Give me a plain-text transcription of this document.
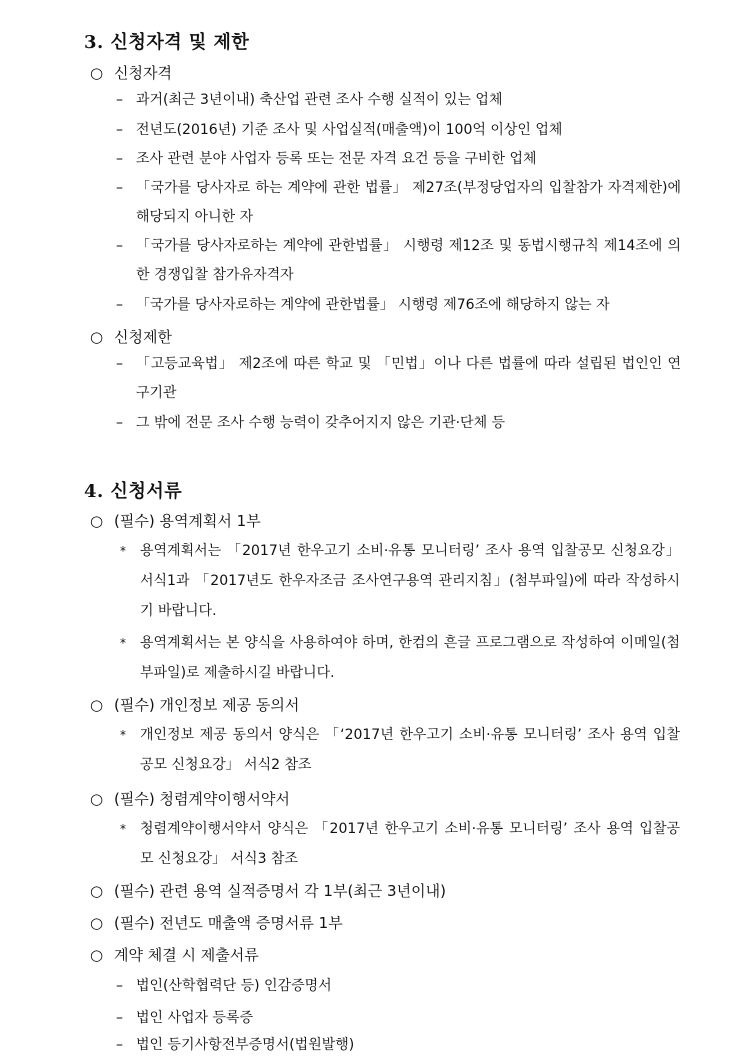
3. 신청자격 및 제한
○ 신청자격
– 과거(최근 3년이내) 축산업 관련 조사 수행 실적이 있는 업체
– 전년도(2016년) 기준 조사 및 사업실적(매출액)이 100억 이상인 업체
– 조사 관련 분야 사업자 등록 또는 전문 자격 요건 등을 구비한 업체
– 「국가를 당사자로 하는 계약에 관한 법률」 제27조(부정당업자의 입찰참가 자격제한)에 해당되지 아니한 자
– 「국가를 당사자로하는 계약에 관한법률」 시행령 제12조 및 동법시행규칙 제14조에 의한 경쟁입찰 참가유자격자
– 「국가를 당사자로하는 계약에 관한법률」 시행령 제76조에 해당하지 않는 자
○ 신청제한
– 「고등교육법」 제2조에 따른 학교 및 「민법」이나 다른 법률에 따라 설립된 법인인 연구기관
– 그 밖에 전문 조사 수행 능력이 갖추어지지 않은 기관·단체 등
4. 신청서류
○ (필수) 용역계획서 1부
*	용역계획서는 「2017년 한우고기 소비·유통 모니터링’ 조사 용역 입찰공모 신청요강」 서식1과 「2017년도 한우자조금 조사연구용역 관리지침」(첨부파일)에 따라 작성하시기 바랍니다.
*	용역계획서는 본 양식을 사용하여야 하며, 한컴의 흔글 프로그램으로 작성하여 이메일(첨부파일)로 제출하시길 바랍니다.
○ (필수) 개인정보 제공 동의서
*	개인정보 제공 동의서 양식은 「‘2017년 한우고기 소비·유통 모니터링’ 조사 용역 입찰공모 신청요강」 서식2 참조
○ (필수) 청렴계약이행서약서
*	청렴계약이행서약서 양식은 「2017년 한우고기 소비·유통 모니터링’ 조사 용역 입찰공모 신청요강」 서식3 참조
○ (필수) 관련 용역 실적증명서 각 1부(최근 3년이내)
○ (필수) 전년도 매출액 증명서류 1부
○ 계약 체결 시 제출서류
– 법인(산학협력단 등) 인감증명서
– 법인 사업자 등록증
– 법인 등기사항전부증명서(법원발행)
